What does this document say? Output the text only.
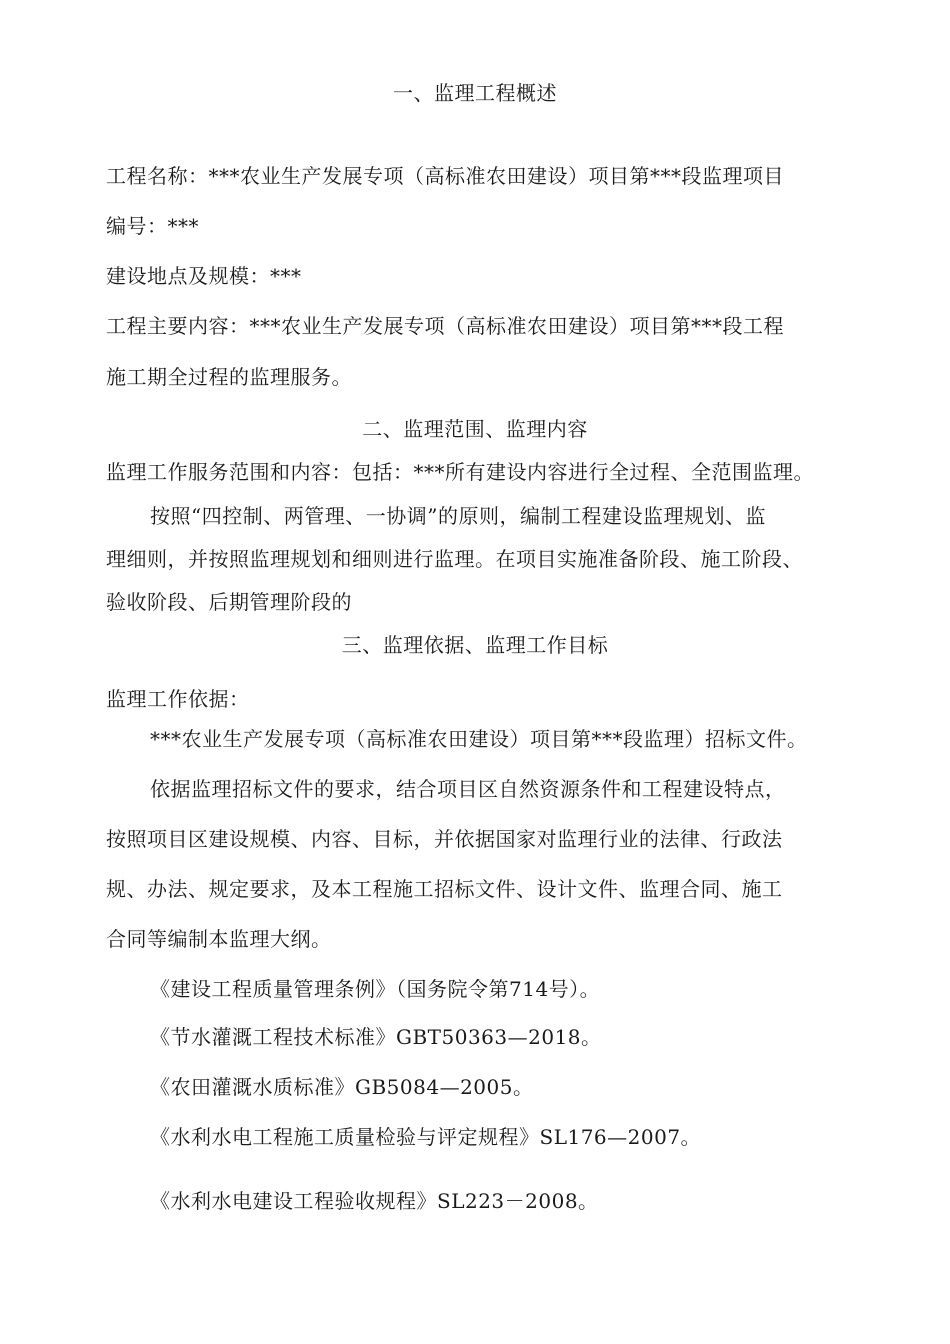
一、监理工程概述
工程名称：***农业生产发展专项（高标准农田建设）项目第***段监理项目
编号：***
建设地点及规模：***
工程主要内容：***农业生产发展专项（高标准农田建设）项目第***段工程
施工期全过程的监理服务。
二、监理范围、监理内容
监理工作服务范围和内容：包括：***所有建设内容进行全过程、全范围监理。
按照“四控制、两管理、一协调”的原则，编制工程建设监理规划、监
理细则，并按照监理规划和细则进行监理。在项目实施准备阶段、施工阶段、
验收阶段、后期管理阶段的
三、监理依据、监理工作目标
监理工作依据：
***农业生产发展专项（高标准农田建设）项目第***段监理）招标文件。
依据监理招标文件的要求，结合项目区自然资源条件和工程建设特点，
按照项目区建设规模、内容、目标，并依据国家对监理行业的法律、行政法
规、办法、规定要求，及本工程施工招标文件、设计文件、监理合同、施工
合同等编制本监理大纲。
《建设工程质量管理条例》（国务院令第714号）。
《节水灌溉工程技术标准》GBT50363—2018。
《农田灌溉水质标准》GB5084—2005。
《水利水电工程施工质量检验与评定规程》SL176—2007。
《水利水电建设工程验收规程》SL223－2008。
